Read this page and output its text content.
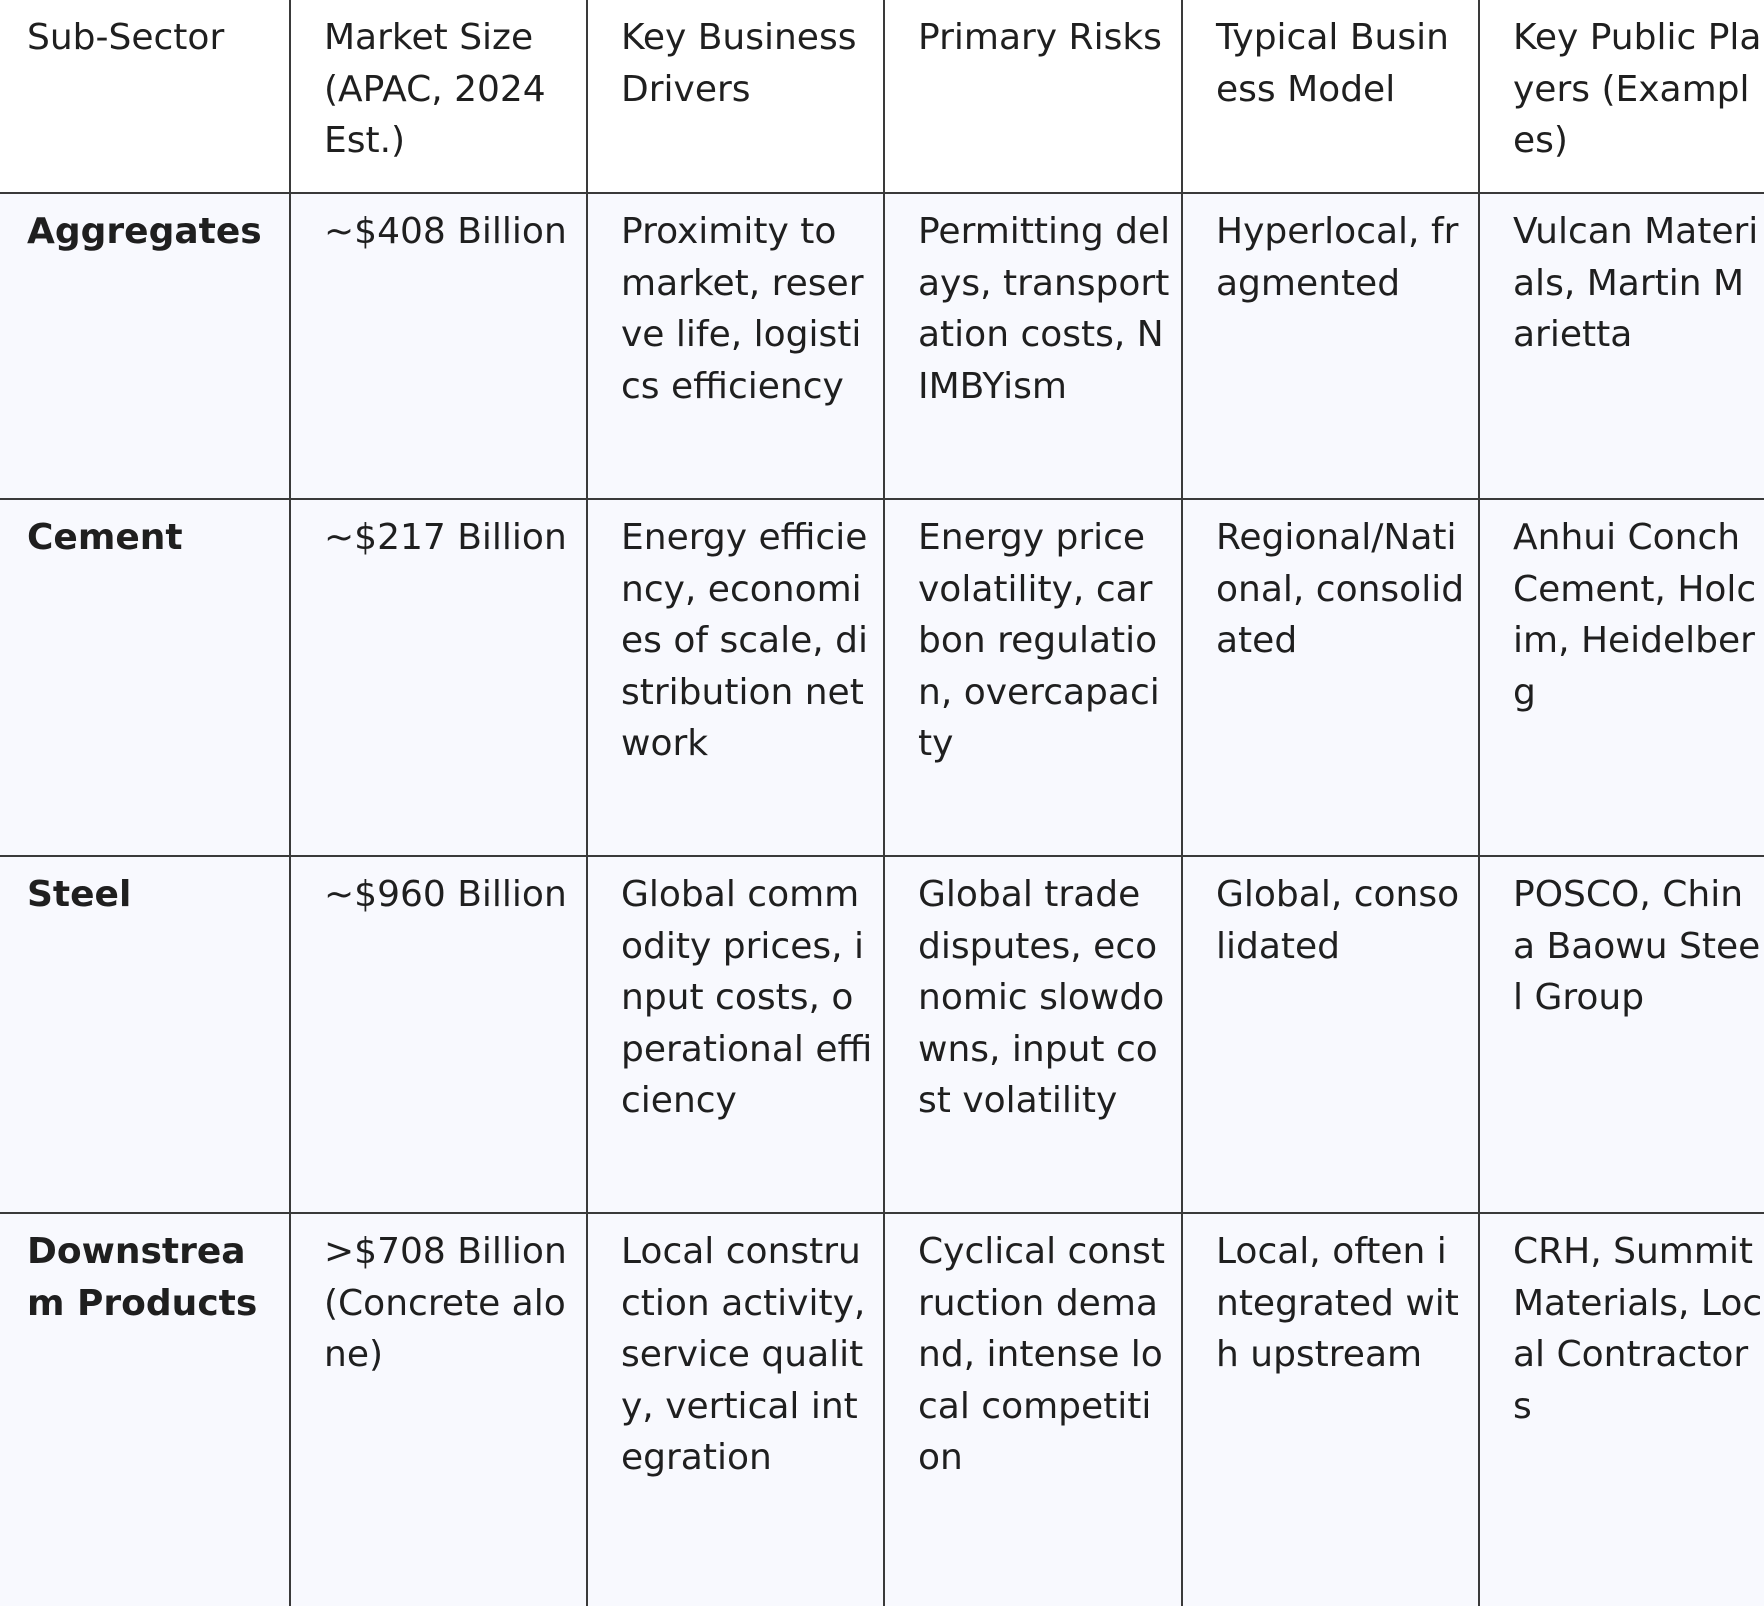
Sub-Sector	Market Size (APAC, 2024 Est.)	Key Business Drivers	Primary Risks	Typical Business Model	Key Public Players (Examples)
Aggregates	~$408 Billion	Proximity to market, reserve life, logistics efficiency	Permitting delays, transportation costs, NIMBYism	Hyperlocal, fragmented	Vulcan Materials, Martin Marietta
Cement	~$217 Billion	Energy efficiency, economies of scale, distribution network	Energy price volatility, carbon regulation, overcapacity	Regional/National, consolidated	Anhui Conch Cement, Holcim, Heidelberg
Steel	~$960 Billion	Global commodity prices, input costs, operational efficiency	Global trade disputes, economic slowdowns, input cost volatility	Global, consolidated	POSCO, China Baowu Steel Group
Downstream Products	>$708 Billion (Concrete alone)	Local construction activity, service quality, vertical integration	Cyclical construction demand, intense local competition	Local, often integrated with upstream	CRH, Summit Materials, Local Contractors
